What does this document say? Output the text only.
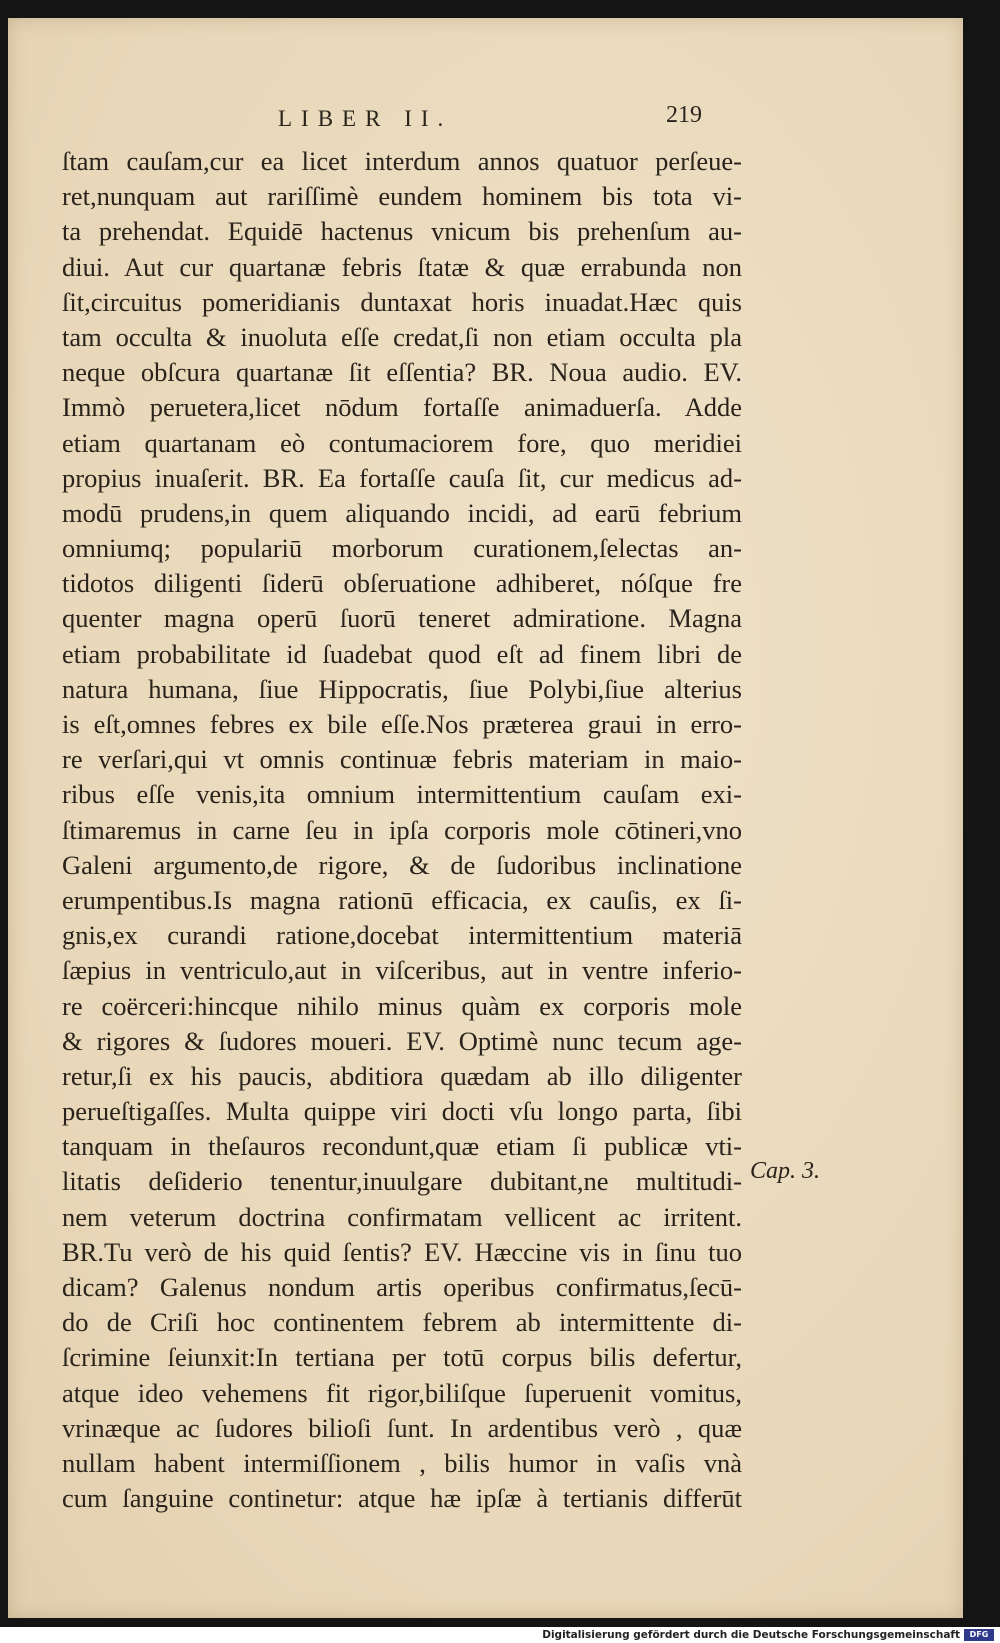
LIBER II.	219
ſtam cauſam,cur ea licet interdum annos quatuor perſeue-
ret,nunquam aut rariſſimè eundem hominem bis tota vi-
ta prehendat. Equidē hactenus vnicum bis prehenſum au-
diui. Aut cur quartanæ febris ſtatæ & quæ errabunda non
ſit,circuitus pomeridianis duntaxat horis inuadat.Hæc quis
tam occulta & inuoluta eſſe credat,ſi non etiam occulta pla
neque obſcura quartanæ ſit eſſentia? BR. Noua audio. EV.
Immò peruetera,licet nōdum fortaſſe animaduerſa. Adde
etiam quartanam eò contumaciorem fore, quo meridiei
propius inuaſerit. BR. Ea fortaſſe cauſa ſit, cur medicus ad-
modū prudens,in quem aliquando incidi, ad earū febrium
omniumq; populariū morborum curationem,ſelectas an-
tidotos diligenti ſiderū obſeruatione adhiberet, nóſque fre
quenter magna operū ſuorū teneret admiratione. Magna
etiam probabilitate id ſuadebat quod eſt ad finem libri de
natura humana, ſiue Hippocratis, ſiue Polybi,ſiue alterius
is eſt,omnes febres ex bile eſſe.Nos præterea graui in erro-
re verſari,qui vt omnis continuæ febris materiam in maio-
ribus eſſe venis,ita omnium intermittentium cauſam exi-
ſtimaremus in carne ſeu in ipſa corporis mole cōtineri,vno
Galeni argumento,de rigore, & de ſudoribus inclinatione
erumpentibus.Is magna rationū efficacia, ex cauſis, ex ſi-
gnis,ex curandi ratione,docebat intermittentium materiā
ſæpius in ventriculo,aut in viſceribus, aut in ventre inferio-
re coërceri:hincque nihilo minus quàm ex corporis mole
& rigores & ſudores moueri. EV. Optimè nunc tecum age-
retur,ſi ex his paucis, abditiora quædam ab illo diligenter
perueſtigaſſes. Multa quippe viri docti vſu longo parta, ſibi
tanquam in theſauros recondunt,quæ etiam ſi publicæ vti-
litatis deſiderio tenentur,inuulgare dubitant,ne multitudi-
nem veterum doctrina confirmatam vellicent ac irritent.
BR.Tu verò de his quid ſentis? EV. Hæccine vis in ſinu tuo
dicam? Galenus nondum artis operibus confirmatus,ſecū-
do de Criſi hoc continentem febrem ab intermittente di-
ſcrimine ſeiunxit:In tertiana per totū corpus bilis defertur,
atque ideo vehemens fit rigor,biliſque ſuperuenit vomitus,
vrinæque ac ſudores bilioſi ſunt. In ardentibus verò , quæ
nullam habent intermiſſionem , bilis humor in vaſis vnà
cum ſanguine continetur: atque hæ ipſæ à tertianis differūt
Cap. 3.
Digitalisierung gefördert durch die Deutsche Forschungsgemeinschaft	DFG
